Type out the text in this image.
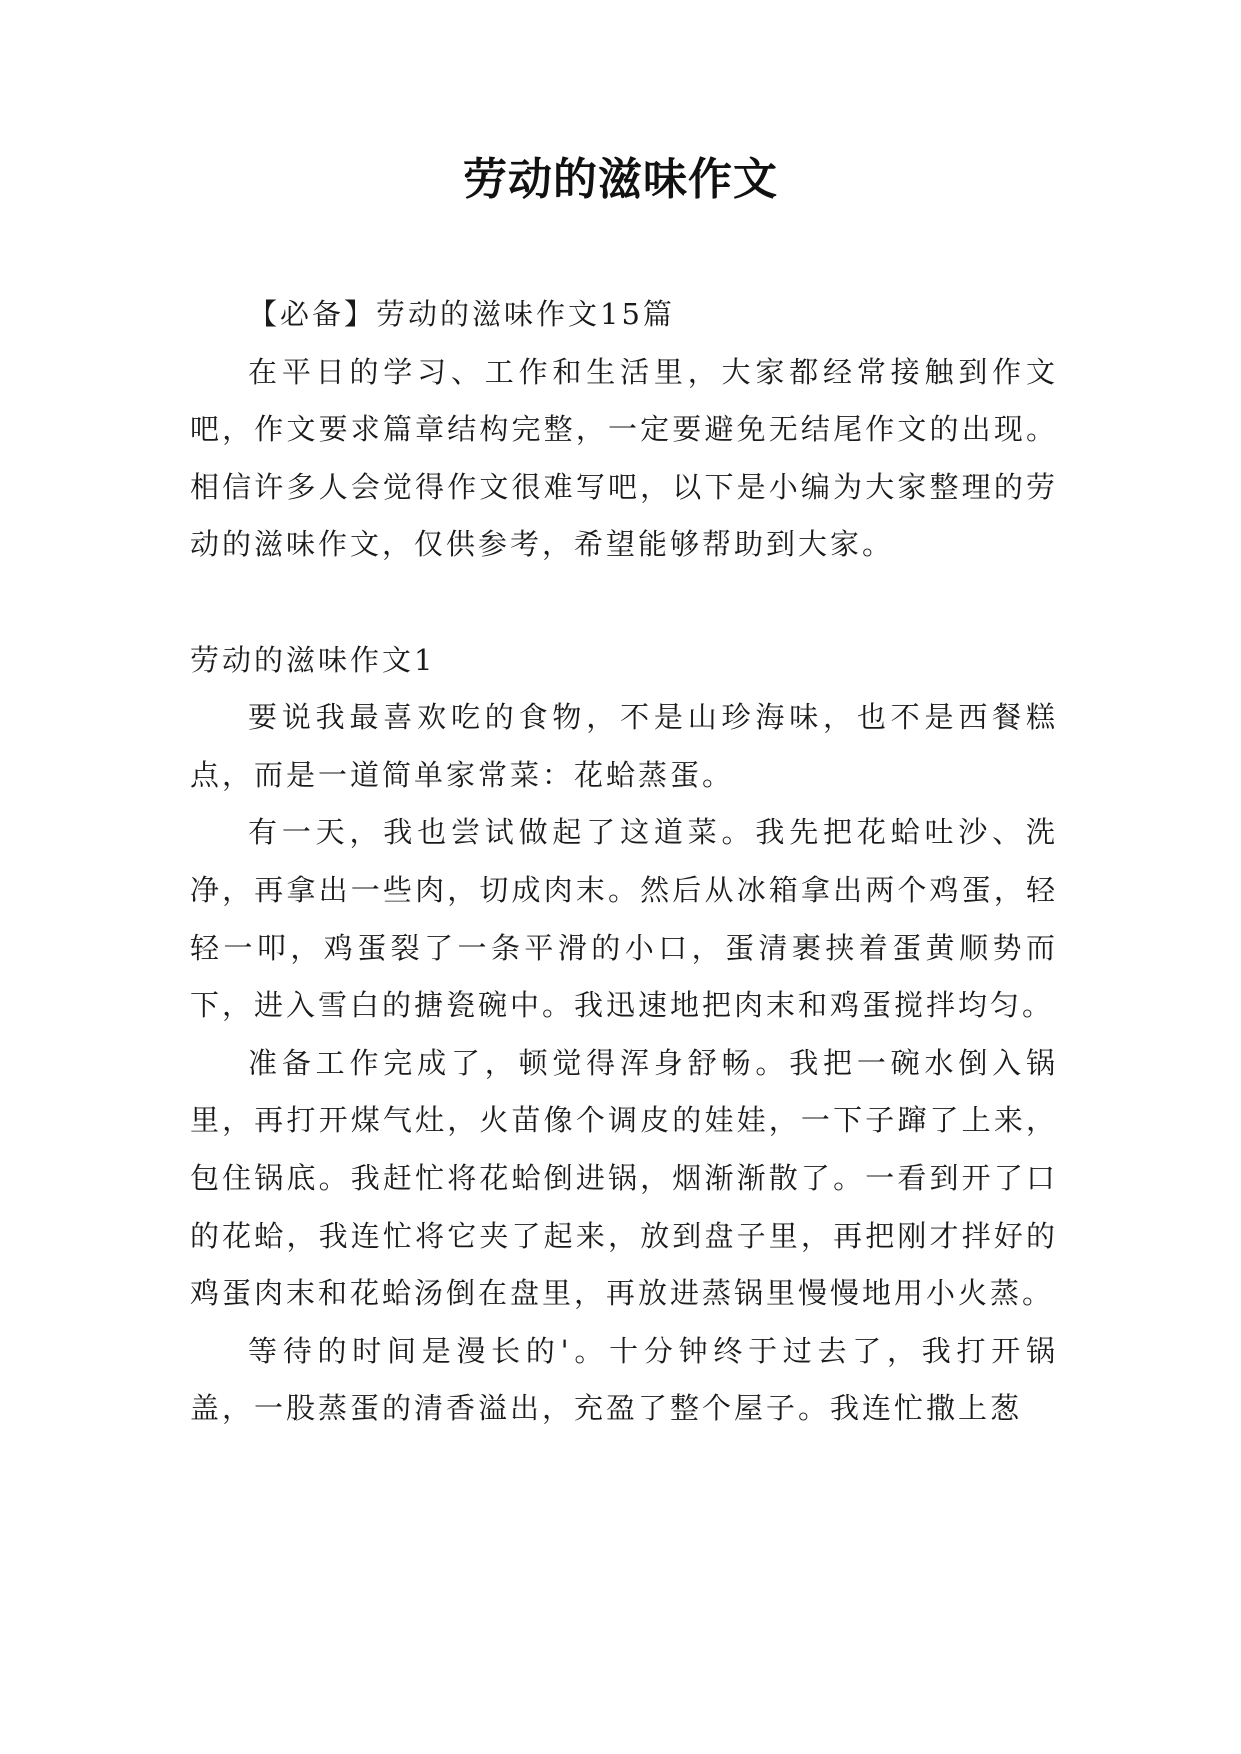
劳动的滋味作文

【必备】劳动的滋味作文15篇

在平日的学习、工作和生活里，大家都经常接触到作文吧，作文要求篇章结构完整，一定要避免无结尾作文的出现。相信许多人会觉得作文很难写吧，以下是小编为大家整理的劳动的滋味作文，仅供参考，希望能够帮助到大家。

劳动的滋味作文1

要说我最喜欢吃的食物，不是山珍海味，也不是西餐糕点，而是一道简单家常菜：花蛤蒸蛋。

有一天，我也尝试做起了这道菜。我先把花蛤吐沙、洗净，再拿出一些肉，切成肉末。然后从冰箱拿出两个鸡蛋，轻轻一叩，鸡蛋裂了一条平滑的小口，蛋清裹挟着蛋黄顺势而下，进入雪白的搪瓷碗中。我迅速地把肉末和鸡蛋搅拌均匀。

准备工作完成了，顿觉得浑身舒畅。我把一碗水倒入锅里，再打开煤气灶，火苗像个调皮的娃娃，一下子蹿了上来，包住锅底。我赶忙将花蛤倒进锅，烟渐渐散了。一看到开了口的花蛤，我连忙将它夹了起来，放到盘子里，再把刚才拌好的鸡蛋肉末和花蛤汤倒在盘里，再放进蒸锅里慢慢地用小火蒸。

等待的时间是漫长的'。十分钟终于过去了，我打开锅盖，一股蒸蛋的清香溢出，充盈了整个屋子。我连忙撒上葱
